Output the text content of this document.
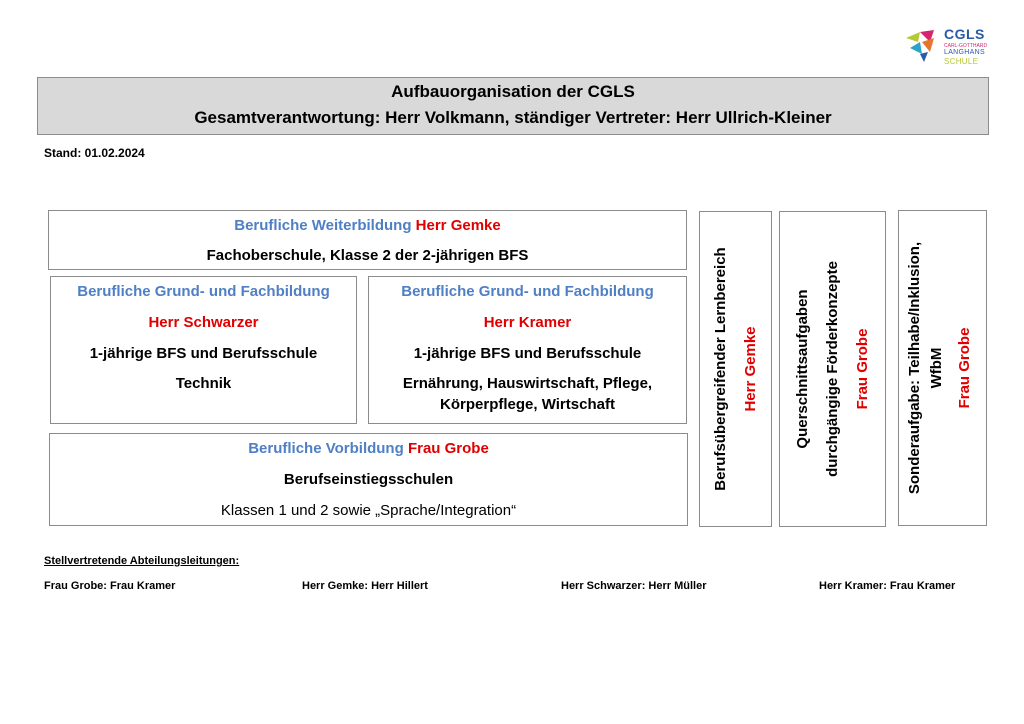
CGLS
CARL-GOTTHARD
LANGHANS
SCHULE
Aufbauorganisation der CGLS
Gesamtverantwortung: Herr Volkmann, ständiger Vertreter: Herr Ullrich-Kleiner
Stand: 01.02.2024
Berufliche Weiterbildung Herr Gemke
Fachoberschule, Klasse 2 der 2-jährigen BFS
Berufliche Grund- und Fachbildung
Herr Schwarzer
1-jährige BFS und Berufsschule
Technik
Berufliche Grund- und Fachbildung
Herr Kramer
1-jährige BFS und Berufsschule
Ernährung, Hauswirtschaft, Pflege,
Körperpflege, Wirtschaft
Berufliche Vorbildung Frau Grobe
Berufseinstiegsschulen
Klassen 1 und 2 sowie „Sprache/Integration“
Berufsübergreifender Lernbereich Herr Gemke	Querschnittsaufgaben durchgängige Förderkonzepte Frau Grobe	Sonderaufgabe: Teilhabe/Inklusion, WfbM Frau Grobe
Stellvertretende Abteilungsleitungen:
Frau Grobe: Frau Kramer	Herr Gemke: Herr Hillert	Herr Schwarzer: Herr Müller	Herr Kramer: Frau Kramer
